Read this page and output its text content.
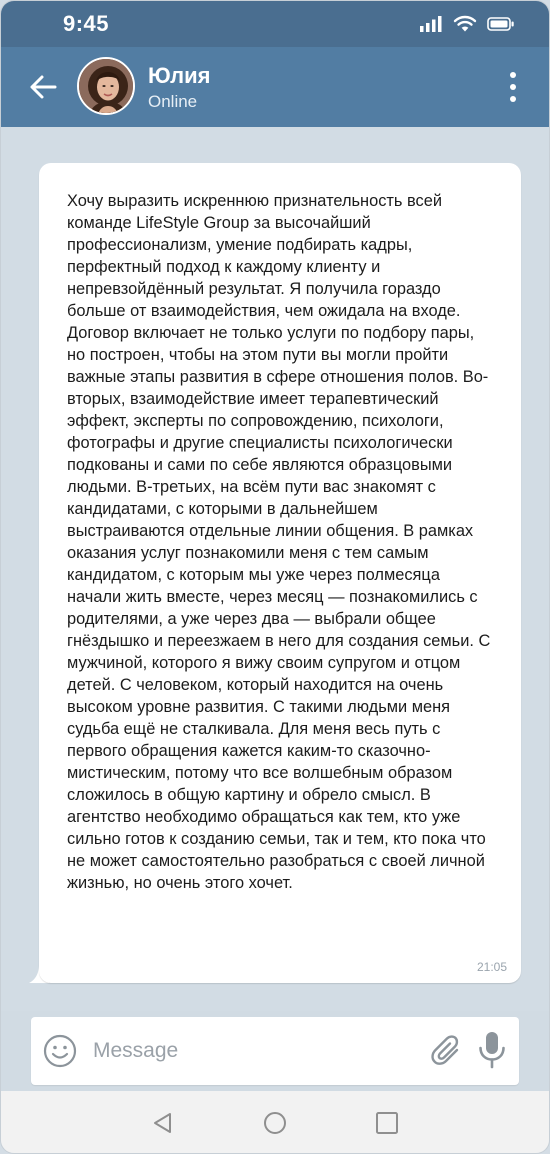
9:45
Юлия
Online

Хочу выразить искреннюю признательность всей команде LifeStyle Group за высочайший профессионализм, умение подбирать кадры, перфектный подход к каждому клиенту и непревзойдённый результат. Я получила гораздо больше от взаимодействия, чем ожидала на входе. Договор включает не только услуги по подбору пары, но построен, чтобы на этом пути вы могли пройти важные этапы развития в сфере отношения полов. Во-вторых, взаимодействие имеет терапевтический эффект, эксперты по сопровождению, психологи, фотографы и другие специалисты психологически подкованы и сами по себе являются образцовыми людьми. В-третьих, на всём пути вас знакомят с кандидатами, с которыми в дальнейшем выстраиваются отдельные линии общения. В рамках оказания услуг познакомили меня с тем самым кандидатом, с которым мы уже через полмесяца начали жить вместе, через месяц — познакомились с родителями, а уже через два — выбрали общее гнёздышко и переезжаем в него для создания семьи. С мужчиной, которого я вижу своим супругом и отцом детей. С человеком, который находится на очень высоком уровне развития. С такими людьми меня судьба ещё не сталкивала. Для меня весь путь с первого обращения кажется каким-то сказочно-мистическим, потому что все волшебным образом сложилось в общую картину и обрело смысл. В агентство необходимо обращаться как тем, кто уже сильно готов к созданию семьи, так и тем, кто пока что не может самостоятельно разобраться с своей личной жизнью, но очень этого хочет.

21:05
Message
